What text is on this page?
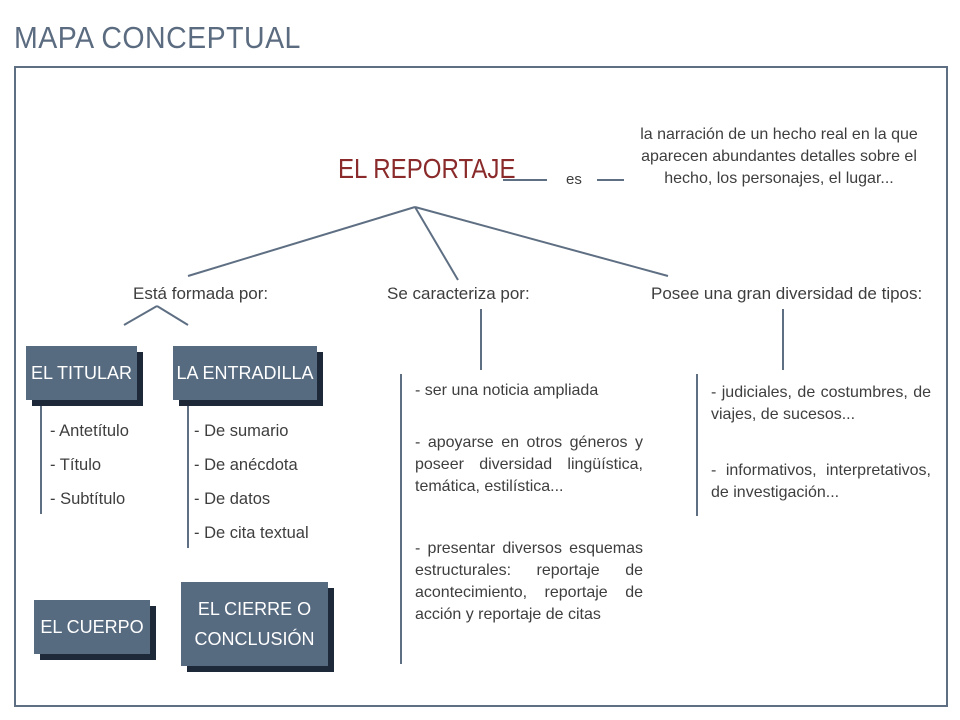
MAPA CONCEPTUAL
EL REPORTAJE	es
la narración de un hecho real en la que aparecen abundantes detalles sobre el hecho, los personajes, el lugar...
Está formada por:	Se caracteriza por:	Posee una gran diversidad de tipos:
EL TITULAR LA ENTRADILLA
EL CUERPO
EL CIERRE O CONCLUSIÓN
- Antetítulo
- Título
- Subtítulo
- De sumario
- De anécdota
- De datos
- De cita textual
- ser una noticia ampliada
- apoyarse en otros géneros y poseer diversidad lingüística, temática, estilística...
- presentar diversos esquemas estructurales: reportaje de acontecimiento, reportaje de acción y reportaje de citas
- judiciales, de costumbres, de viajes, de sucesos...
- informativos, interpretativos, de investigación...
